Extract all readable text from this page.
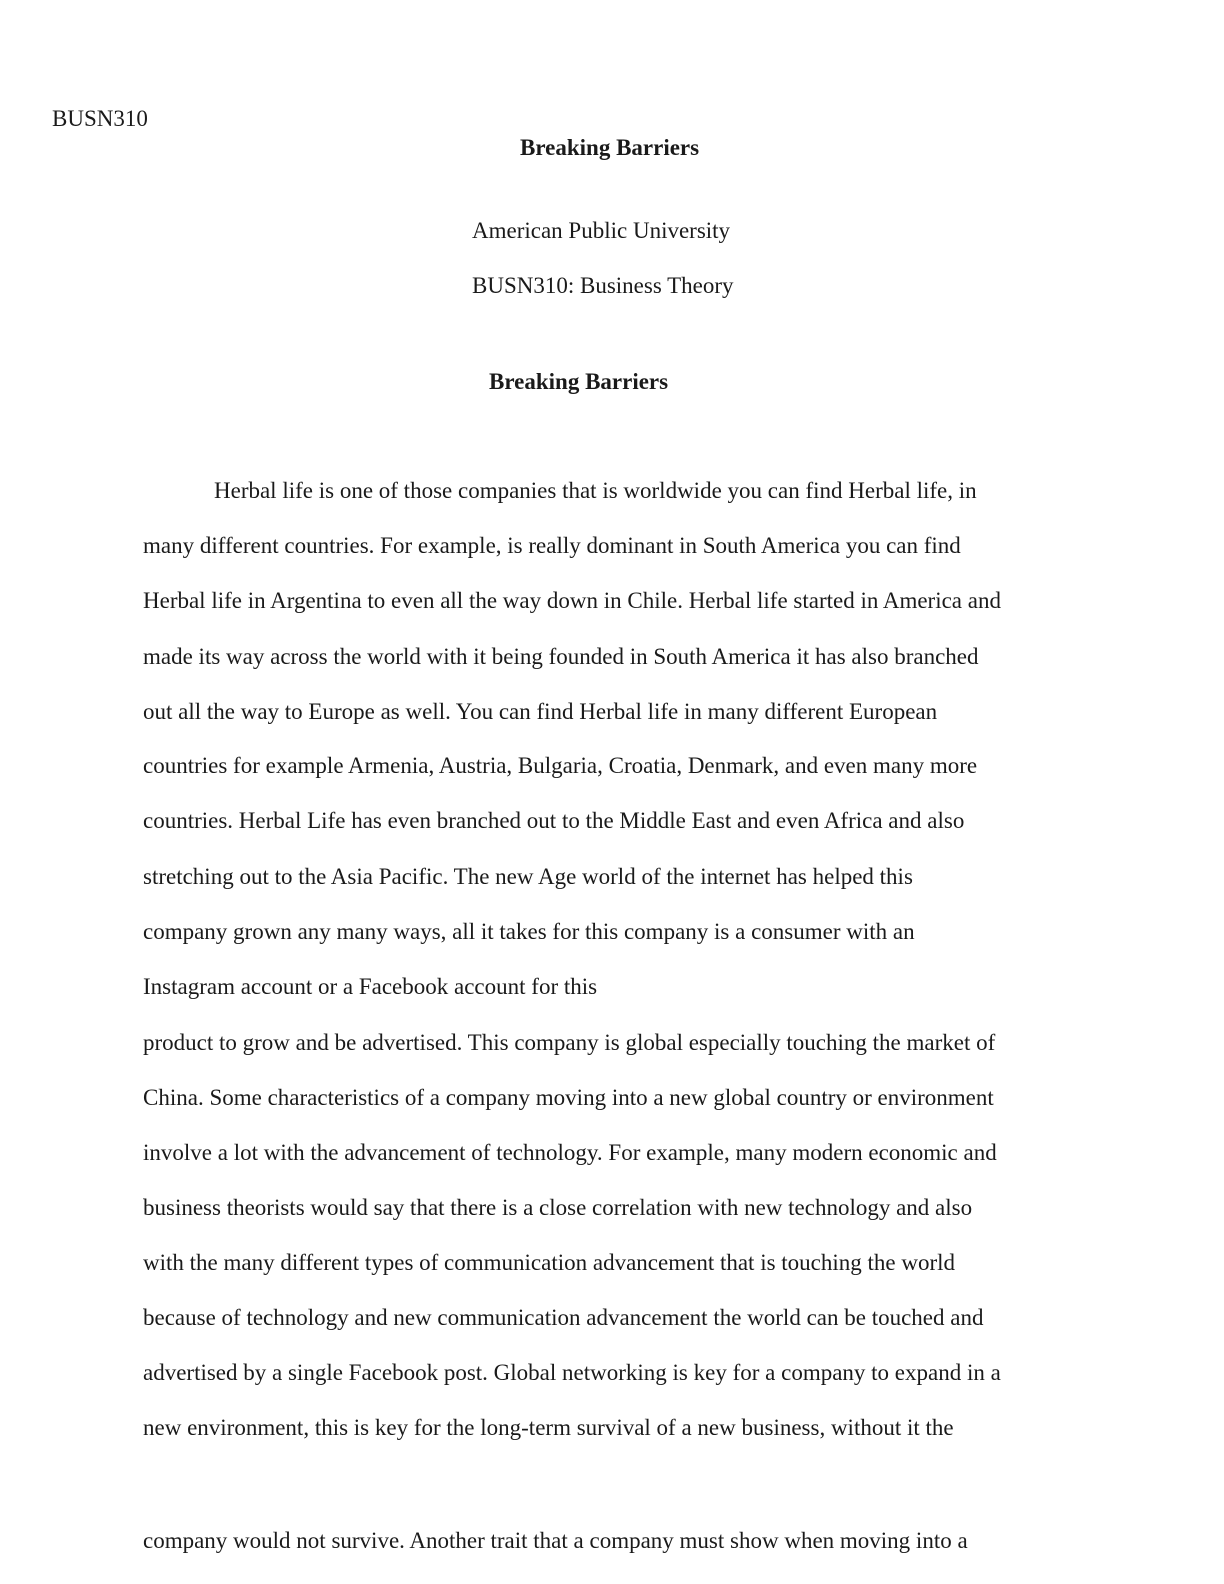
BUSN310
Breaking Barriers
American Public University
BUSN310: Business Theory
Breaking Barriers
Herbal life is one of those companies that is worldwide you can find Herbal life, in
many different countries. For example, is really dominant in South America you can find
Herbal life in Argentina to even all the way down in Chile. Herbal life started in America and
made its way across the world with it being founded in South America it has also branched
out all the way to Europe as well. You can find Herbal life in many different European
countries for example Armenia, Austria, Bulgaria, Croatia, Denmark, and even many more
countries. Herbal Life has even branched out to the Middle East and even Africa and also
stretching out to the Asia Pacific. The new Age world of the internet has helped this
company grown any many ways, all it takes for this company is a consumer with an
Instagram account or a Facebook account for this
product to grow and be advertised. This company is global especially touching the market of
China. Some characteristics of a company moving into a new global country or environment
involve a lot with the advancement of technology. For example, many modern economic and
business theorists would say that there is a close correlation with new technology and also
with the many different types of communication advancement that is touching the world
because of technology and new communication advancement the world can be touched and
advertised by a single Facebook post. Global networking is key for a company to expand in a
new environment, this is key for the long-term survival of a new business, without it the
company would not survive. Another trait that a company must show when moving into a
